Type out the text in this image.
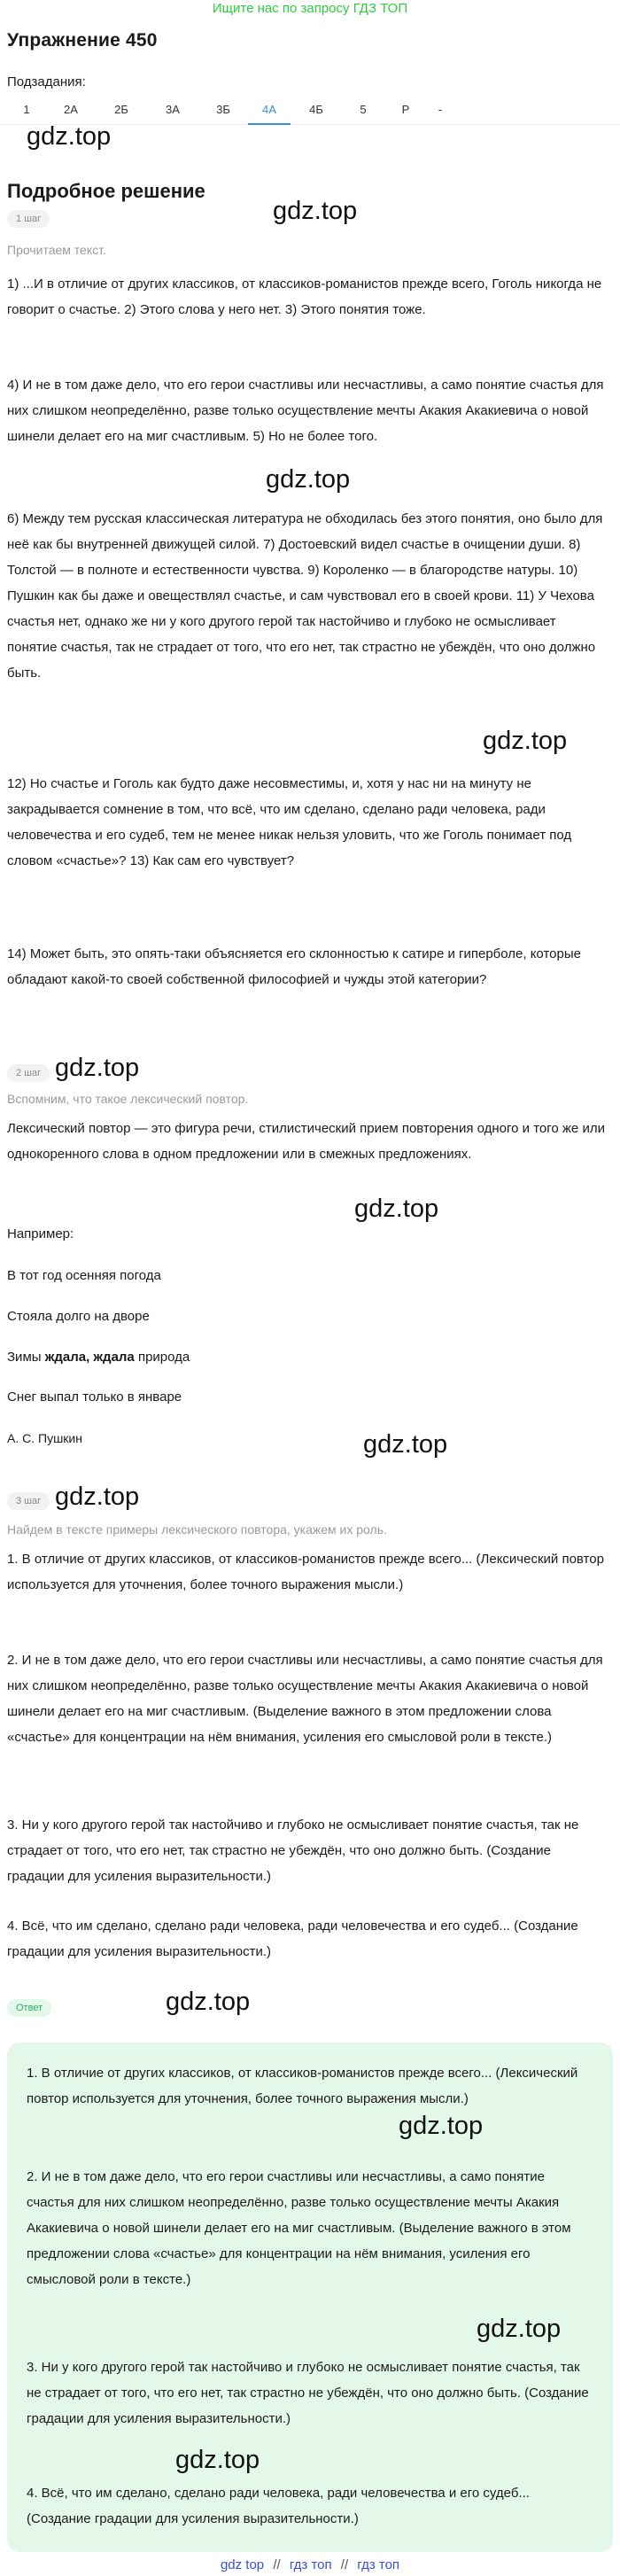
Ищите нас по запросу ГДЗ ТОП
Упражнение 450
Подзадания:
1	2А	2Б	3А	3Б	4А	4Б	5	Р	-
Подробное решение
gdz.top
gdz.top
gdz.top
gdz.top
gdz.top
gdz.top
gdz.top
gdz.top
gdz.top
1 шаг
Прочитаем текст.
1) ...И в отличие от других классиков, от классиков-романистов прежде всего, Гоголь никогда не говорит о счастье. 2) Этого слова у него нет. 3) Этого понятия тоже.
4) И не в том даже дело, что его герои счастливы или несчастливы, а само понятие счастья для них слишком неопределённо, разве только осуществление мечты Акакия Акакиевича о новой шинели делает его на миг счастливым. 5) Но не более того.
6) Между тем русская классическая литература не обходилась без этого понятия, оно было для неё как бы внутренней движущей силой. 7) Достоевский видел счастье в очищении души. 8) Толстой — в полноте и естественности чувства. 9) Короленко — в благородстве натуры. 10) Пушкин как бы даже и овеществлял счастье, и сам чувствовал его в своей крови. 11) У Чехова счастья нет, однако же ни у кого другого герой так настойчиво и глубоко не осмысливает понятие счастья, так не страдает от того, что его нет, так страстно не убеждён, что оно должно быть.
12) Но счастье и Гоголь как будто даже несовместимы, и, хотя у нас ни на минуту не закрадывается сомнение в том, что всё, что им сделано, сделано ради человека, ради человечества и его судеб, тем не менее никак нельзя уловить, что же Гоголь понимает под словом «счастье»? 13) Как сам его чувствует?
14) Может быть, это опять-таки объясняется его склонностью к сатире и гиперболе, которые обладают какой-то своей собственной философией и чужды этой категории?
2 шаг
Вспомним, что такое лексический повтор.
Лексический повтор — это фигура речи, стилистический прием повторения одного и того же или однокоренного слова в одном предложении или в смежных предложениях.
Например:
В тот год осенняя погода
Стояла долго на дворе
Зимы ждала, ждала природа
Снег выпал только в январе
А. С. Пушкин
3 шаг
Найдем в тексте примеры лексического повтора, укажем их роль.
1. В отличие от других классиков, от классиков-романистов прежде всего... (Лексический повтор используется для уточнения, более точного выражения мысли.)
2. И не в том даже дело, что его герои счастливы или несчастливы, а само понятие счастья для них слишком неопределённо, разве только осуществление мечты Акакия Акакиевича о новой шинели делает его на миг счастливым. (Выделение важного в этом предложении слова «счастье» для концентрации на нём внимания, усиления его смысловой роли в тексте.)
3. Ни у кого другого герой так настойчиво и глубоко не осмысливает понятие счастья, так не страдает от того, что его нет, так страстно не убеждён, что оно должно быть. (Создание градации для усиления выразительности.)
4. Всё, что им сделано, сделано ради человека, ради человечества и его судеб... (Создание градации для усиления выразительности.)
Ответ
1. В отличие от других классиков, от классиков-романистов прежде всего... (Лексический повтор используется для уточнения, более точного выражения мысли.)
2. И не в том даже дело, что его герои счастливы или несчастливы, а само понятие счастья для них слишком неопределённо, разве только осуществление мечты Акакия Акакиевича о новой шинели делает его на миг счастливым. (Выделение важного в этом предложении слова «счастье» для концентрации на нём внимания, усиления его смысловой роли в тексте.)
3. Ни у кого другого герой так настойчиво и глубоко не осмысливает понятие счастья, так не страдает от того, что его нет, так страстно не убеждён, что оно должно быть. (Создание градации для усиления выразительности.)
4. Всё, что им сделано, сделано ради человека, ради человечества и его судеб... (Создание градации для усиления выразительности.)
gdz.top
gdz.top
gdz.top
gdz top // гдз топ // гдз топ
